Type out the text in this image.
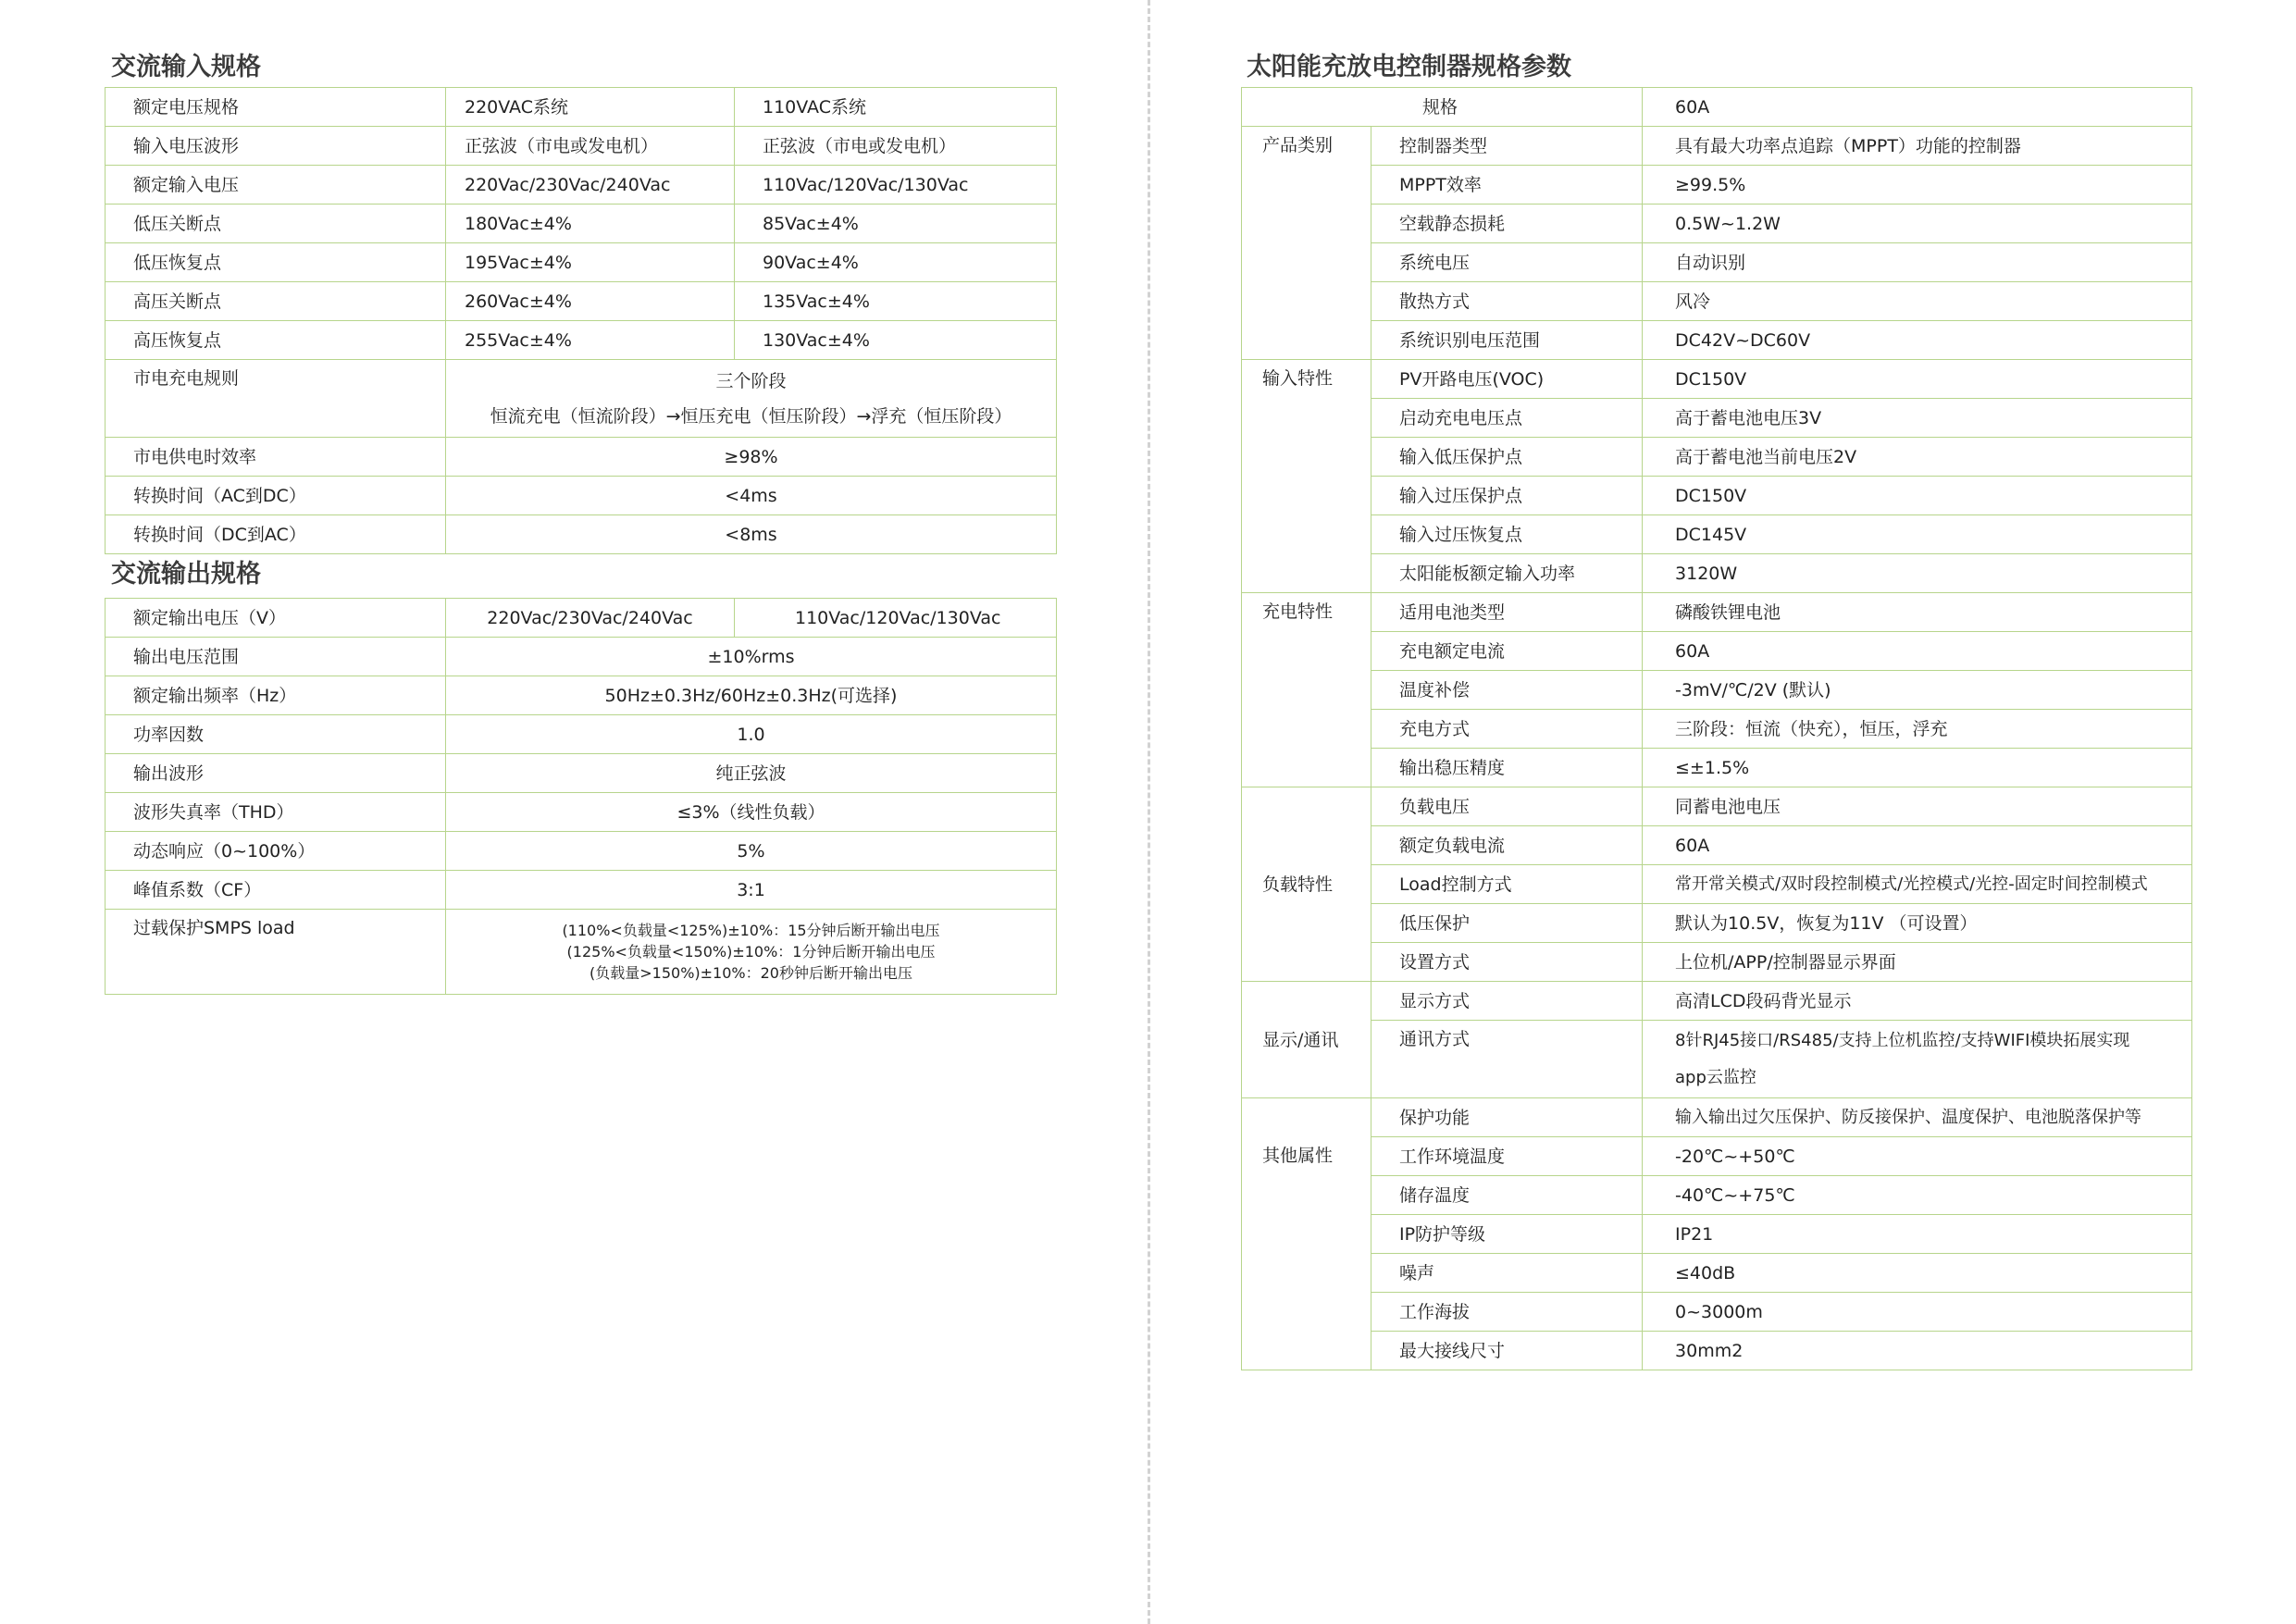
交流输入规格
额定电压规格	220VAC系统	110VAC系统
输入电压波形	正弦波（市电或发电机）	正弦波（市电或发电机）
额定输入电压	220Vac/230Vac/240Vac	110Vac/120Vac/130Vac
低压关断点	180Vac±4%	85Vac±4%
低压恢复点	195Vac±4%	90Vac±4%
高压关断点	260Vac±4%	135Vac±4%
高压恢复点	255Vac±4%	130Vac±4%
市电充电规则	三个阶段
恒流充电（恒流阶段）→恒压充电（恒压阶段）→浮充（恒压阶段）	

市电供电时效率	≥98%	
转换时间（AC到DC）	<4ms	
转换时间（DC到AC）	<8ms	
交流输出规格
额定输出电压（V）	220Vac/230Vac/240Vac	110Vac/120Vac/130Vac
输出电压范围	±10%rms	
额定输出频率（Hz）	50Hz±0.3Hz/60Hz±0.3Hz(可选择)	
功率因数	1.0	
输出波形	纯正弦波	
波形失真率（THD）	≤3%（线性负载）	
动态响应（0~100%）	5%	
峰值系数（CF）	3:1	
过载保护SMPS load	(110%<负载量<125%)±10%：15分钟后断开输出电压
(125%<负载量<150%)±10%：1分钟后断开输出电压
(负载量>150%)±10%：20秒钟后断开输出电压	
太阳能充放电控制器规格参数
规格		60A
产品类别	控制器类型	具有最大功率点追踪（MPPT）功能的控制器
	MPPT效率	≥99.5%
	空载静态损耗	0.5W~1.2W
	系统电压	自动识别
	散热方式	风冷
	系统识别电压范围	DC42V~DC60V
输入特性	PV开路电压(VOC)	DC150V
	启动充电电压点	高于蓄电池电压3V
	输入低压保护点	高于蓄电池当前电压2V
	输入过压保护点	DC150V
	输入过压恢复点	DC145V
	太阳能板额定输入功率	3120W
充电特性	适用电池类型	磷酸铁锂电池
	充电额定电流	60A
	温度补偿	-3mV/℃/2V (默认)
	充电方式	三阶段：恒流（快充），恒压，浮充
	输出稳压精度	≤±1.5%
负载特性	负载电压	同蓄电池电压
	额定负载电流	60A
	Load控制方式	常开常关模式/双时段控制模式/光控模式/光控-固定时间控制模式
	低压保护	默认为10.5V，恢复为11V （可设置）
	设置方式	上位机/APP/控制器显示界面
显示/通讯	显示方式	高清LCD段码背光显示
	通讯方式	8针RJ45接口/RS485/支持上位机监控/支持WIFI模块拓展实现
app云监控

其他属性	保护功能	输入输出过欠压保护、防反接保护、温度保护、电池脱落保护等
	工作环境温度	-20℃~+50℃
	储存温度	-40℃~+75℃
	IP防护等级	IP21
	噪声	≤40dB
	工作海拔	0~3000m
	最大接线尺寸	30mm2
